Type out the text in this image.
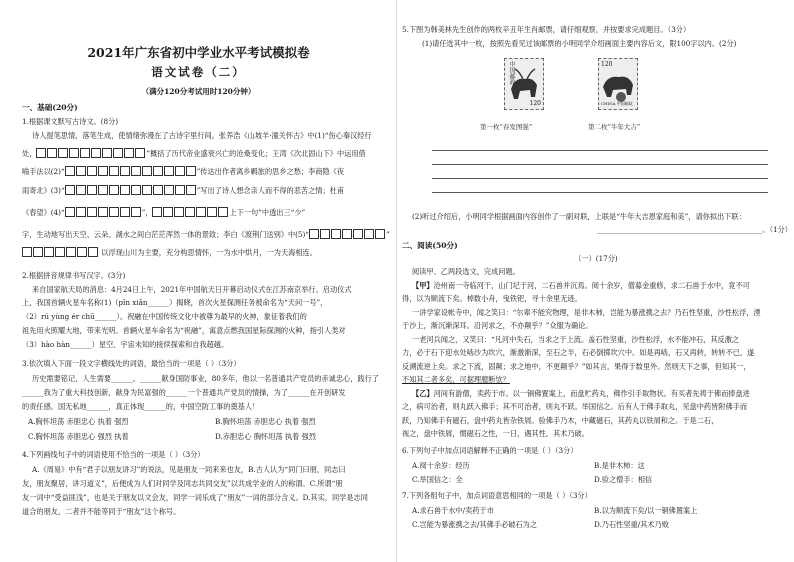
2021年广东省初中学业水平考试模拟卷
语文试卷（二）
（满分120分考试用时120分钟）
一、基础(20分)
1.根据课文默写古诗文。(8分)
诗人提笔思情，落笔生成，使情绪弥漫在了古诗字里行间。张养浩《山坡羊·潼关怀古》中(1)“伤心秦汉经行
处，	”概括了历代帝业盛衰兴亡的沧桑变化；王湾《次北固山下》中运用借
喻手法以(2)“	”传达出作者离乡羁旅的思乡之愁；李商隐《夜
雨寄北》(3)“	”写出了诗人想念亲人而不得的悲苦之情；杜甫
《春望》(4)“	”，	上下一句”中透出三“少”
字，生动地写出天空、云朵、湖水之间白茫茫浑然一体的景致；李白《渡荆门送别》中(5)“	”
以浮现山川为主要，充分构思情怀，一为水中烘月，一为天海相连。
2.根据拼音规律书写汉字。(3分)
来自国家航天局的消息：4月24日上午，2021年中国航天日开幕启动仪式在江苏南京举行。启动仪式
上，我国首辆火星车名称(1)（pǐn xiǎn______）揭晓，首次火星探测任务被命名为“天问一号”，
（2）rú yùng ér chū______）。祝融在中国传统文化中被尊为最早的火神，象征着我们的
祖先用火照耀大地，带来光明。首辆火星车命名为“祝融”，寓意点燃我国星际探测的火种，指引人类对
（3）hào hàn______）星空、宇宙未知的接续探索和自我超越。
3.依次填入下面一段文字横线处的词语，最恰当的一项是（ ）（3分）
历史需要铭记，人生需要______。______献身国防事业，80多年，他以一名普通共产党员的赤诚忠心，践行了
______我为了重大科技创新，献身为民富强的______一个普通共产党员的情操，为了______在开创研发
的责任感。国无私地______，真正体现______的，中国空防工事的奠基人！
A.胸怀坦荡 赤胆忠心 执着 强烈	B.胸怀坦荡 赤胆忠心 执着 强烈
C.胸怀坦荡 赤胆忠心 强烈 执着	D.赤胆忠心 胸怀坦荡 执着 强烈
4.下列画线句子中的词语使用不恰当的一项是（ ）（3分）
A.《周易》中有“君子以朋友讲习”的说法，见是朋友一同来来也友，B.古人认为“同门曰朋，同志曰
友，朋友聚居，讲习道义”，后便成为人们对同学及同志共同交友”以共成学业的人的称谓。C.所谓“朋
友一词中“受益匪浅”，也是关于朋友以文会友，同学一词乐成了“朋友”一词的部分含义。D.其实，同学是志同
道合的朋友，二者并不能等同于“朋友”这个称号。
5.下图为韩美林先生创作的两枚辛丑年生肖邮票，请仔细观察，并按要求完成题目。（3分）
(1)请任选其中一枚，按照先看见过该邮票的小明同学介绍画面主要内容后文，限100字以内。(2分)
中国邮政
120
120
CHINA 中国邮政
第一枚“春发图强”	第二枚“牛年大吉”
(2)听过介绍后，小明同学根据画面内容创作了一副对联，上联是“牛年大吉恩家庭和美”，请你拟出下联：
______________________________________________。（1分）
二、阅读(50分)
（一）(17分)
阅读甲、乙两段选文，完成问题。
【甲】沧州南一寺临河干，山门圮于河，二石兽并沉焉。阅十余岁，僧募金重修，求二石兽于水中，竟不可
得，以为顺流下矣。棹数小舟，曳铁钯，寻十余里无迹。
一讲学家设帐寺中，闻之笑曰：“尔辈不能究物理，是非木柿，岂能为暴涨携之去？乃石性坚重，沙性松浮，湮
于沙上，渐沉渐深耳。沿河求之，不亦颠乎？”众服为确论。
一老河兵闻之，又笑曰：“凡河中失石，当求之于上流。盖石性坚重，沙性松浮，水不能冲石，其反激之
力，必于石下迎水处啮沙为坎穴，渐激渐深，至石之半，石必倒掷坎穴中。如是再啮，石又再转，转转不已，遂
反溯流逆上矣。求之下流，固颠；求之地中，不更颠乎？”如其言，果得于数里外。然则天下之事，但知其一，
不知其二者多矣，可据理臆断欤？
【乙】河间有游僧，卖药于市。以一铜佛置案上，而盘贮药丸，佛作引手取物状。有买者先祷于佛而捧盘进
之，病可治者，则丸跃入佛手；其不可治者，则丸不跃。举国信之。后有人于佛手取丸，见盘中药皆附佛手而
跃，乃知佛手有磁石，盘中药丸皆杂铁屑。验佛手乃木，中藏磁石，其药丸以铁屑和之。于是二石，
视之，盘中铁屑，惯磁石之性，一日，遇其性，其术乃破。
6.下列句子中加点词语解释不正确的一项是（ ）（3分）
A.阅十余岁：经历	B.是非木柿：这
C.举国信之：全	D.验之僧手：相信
7.下列各组句子中，加点词语意思相同的一项是（ ）（3分）
A.求石兽于水中/卖药于市	B.以为顺流下矣/以一铜佛置案上
C.岂能为暴涨携之去/其佛手必破石为之	D.乃石性坚重/其术乃败
